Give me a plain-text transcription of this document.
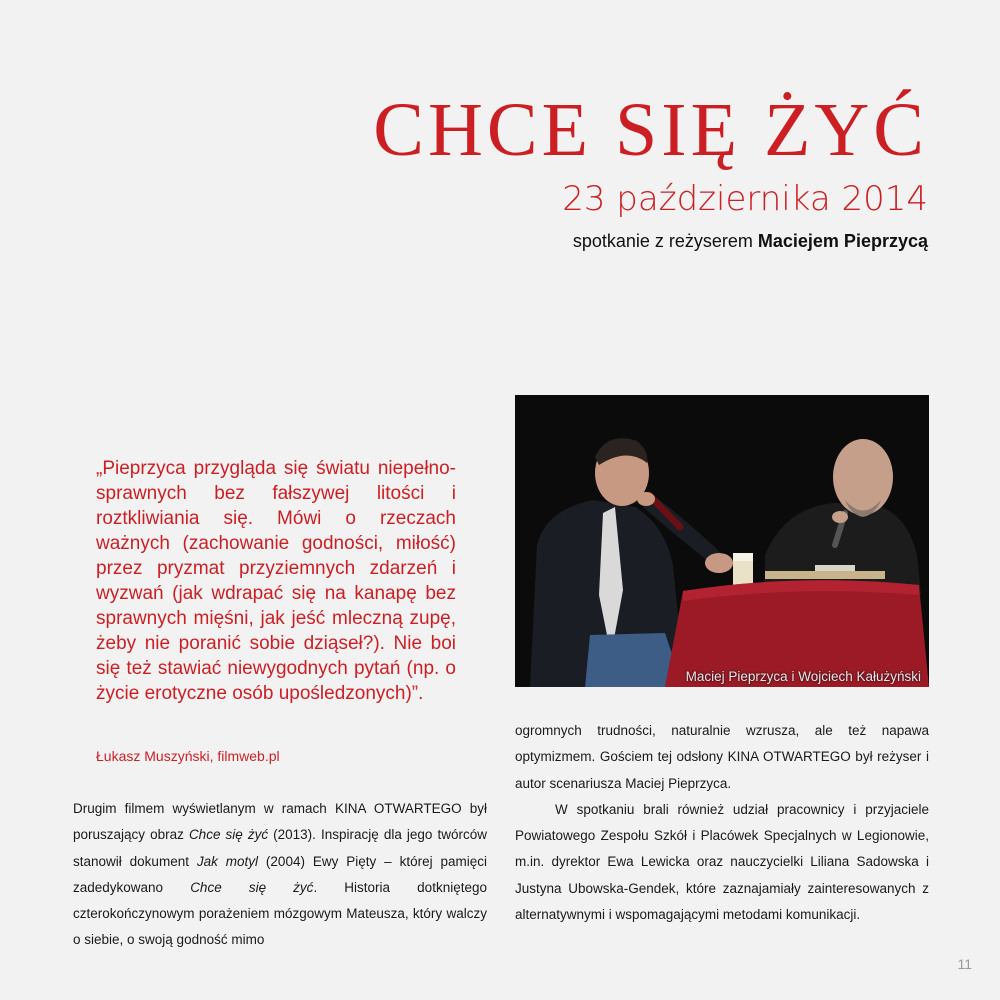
CHCE SIĘ ŻYĆ
23 października 2014
spotkanie z reżyserem Maciejem Pieprzycą

„Pieprzyca przygląda się światu niepełnosprawnych bez fałszywej litości i roztkliwiania się. Mówi o rzeczach ważnych (zachowanie godności, miłość) przez pryzmat przyziemnych zdarzeń i wyzwań (jak wdrapać się na kanapę bez sprawnych mięśni, jak jeść mleczną zupę, żeby nie poranić sobie dziąseł?). Nie boi się też stawiać niewygodnych pytań (np. o życie erotyczne osób upośledzonych)”.

Łukasz Muszyński, filmweb.pl
Maciej Pieprzyca i Wojciech Kałużyński

Drugim filmem wyświetlanym w ramach KINA OTWARTEGO był poruszający obraz Chce się żyć (2013). Inspirację dla jego twórców stanowił dokument Jak motyl (2004) Ewy Pięty – której pamięci zadedykowano Chce się żyć. Historia dotkniętego czterokończynowym porażeniem mózgowym Mateusza, który walczy o siebie, o swoją godność mimo

ogromnych trudności, naturalnie wzrusza, ale też napawa optymizmem. Gościem tej odsłony KINA OTWARTEGO był reżyser i autor scenariusza Maciej Pieprzyca.

W spotkaniu brali również udział pracownicy i przyjaciele Powiatowego Zespołu Szkół i Placówek Specjalnych w Legionowie, m.in. dyrektor Ewa Lewicka oraz nauczycielki Liliana Sadowska i Justyna Ubowska-Gendek, które zaznajamiały zainteresowanych z alternatywnymi i wspomagającymi metodami komunikacji.

11
